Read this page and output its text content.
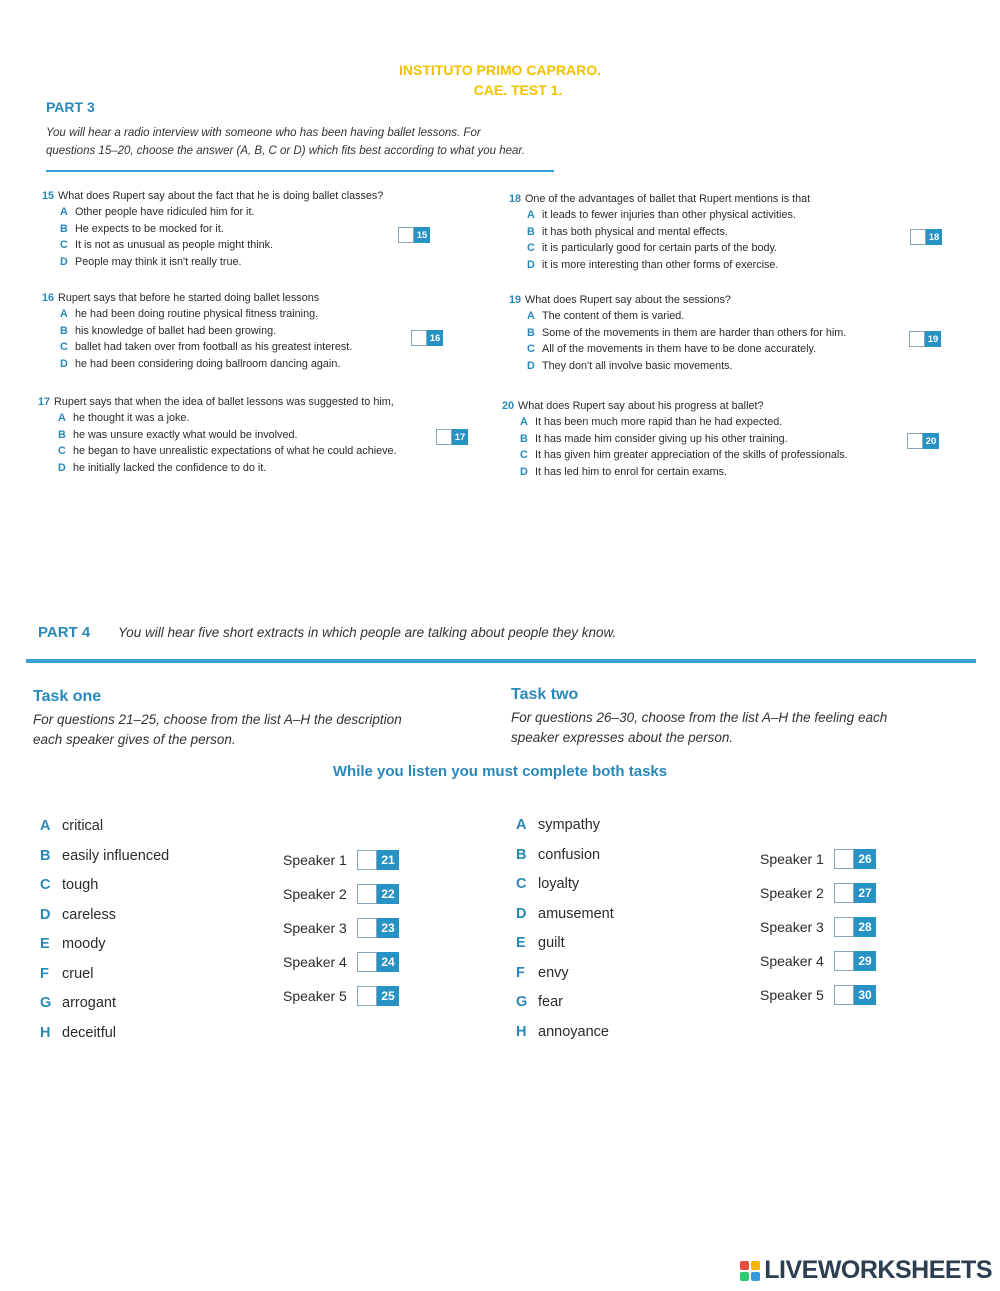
INSTITUTO PRIMO CAPRARO.
CAE. TEST 1.
PART 3
You will hear a radio interview with someone who has been having ballet lessons. For
questions 15–20, choose the answer (A, B, C or D) which fits best according to what you hear.
15 What does Rupert say about the fact that he is doing ballet classes?
A Other people have ridiculed him for it.
B He expects to be mocked for it.
C It is not as unusual as people might think.
D People may think it isn't really true.
15
16 Rupert says that before he started doing ballet lessons
A he had been doing routine physical fitness training.
B his knowledge of ballet had been growing.
C ballet had taken over from football as his greatest interest.
D he had been considering doing ballroom dancing again.
16
17 Rupert says that when the idea of ballet lessons was suggested to him,
A he thought it was a joke.
B he was unsure exactly what would be involved.
C he began to have unrealistic expectations of what he could achieve.
D he initially lacked the confidence to do it.
17
18 One of the advantages of ballet that Rupert mentions is that
A it leads to fewer injuries than other physical activities.
B it has both physical and mental effects.
C it is particularly good for certain parts of the body.
D it is more interesting than other forms of exercise.
18
19 What does Rupert say about the sessions?
A The content of them is varied.
B Some of the movements in them are harder than others for him.
C All of the movements in them have to be done accurately.
D They don't all involve basic movements.
19
20 What does Rupert say about his progress at ballet?
A It has been much more rapid than he had expected.
B It has made him consider giving up his other training.
C It has given him greater appreciation of the skills of professionals.
D It has led him to enrol for certain exams.
20
PART 4 You will hear five short extracts in which people are talking about people they know.
Task one
For questions 21–25, choose from the list A–H the description
each speaker gives of the person.
Task two
For questions 26–30, choose from the list A–H the feeling each
speaker expresses about the person.
While you listen you must complete both tasks
A critical
B easily influenced
C tough
D careless
E moody
F cruel
G arrogant
H deceitful
Speaker 1	21
Speaker 2	22
Speaker 3	23
Speaker 4	24
Speaker 5	25
A sympathy
B confusion
C loyalty
D amusement
E guilt
F envy
G fear
H annoyance
Speaker 1	26
Speaker 2	27
Speaker 3	28
Speaker 4	29
Speaker 5	30
LIVEWORKSHEETS
